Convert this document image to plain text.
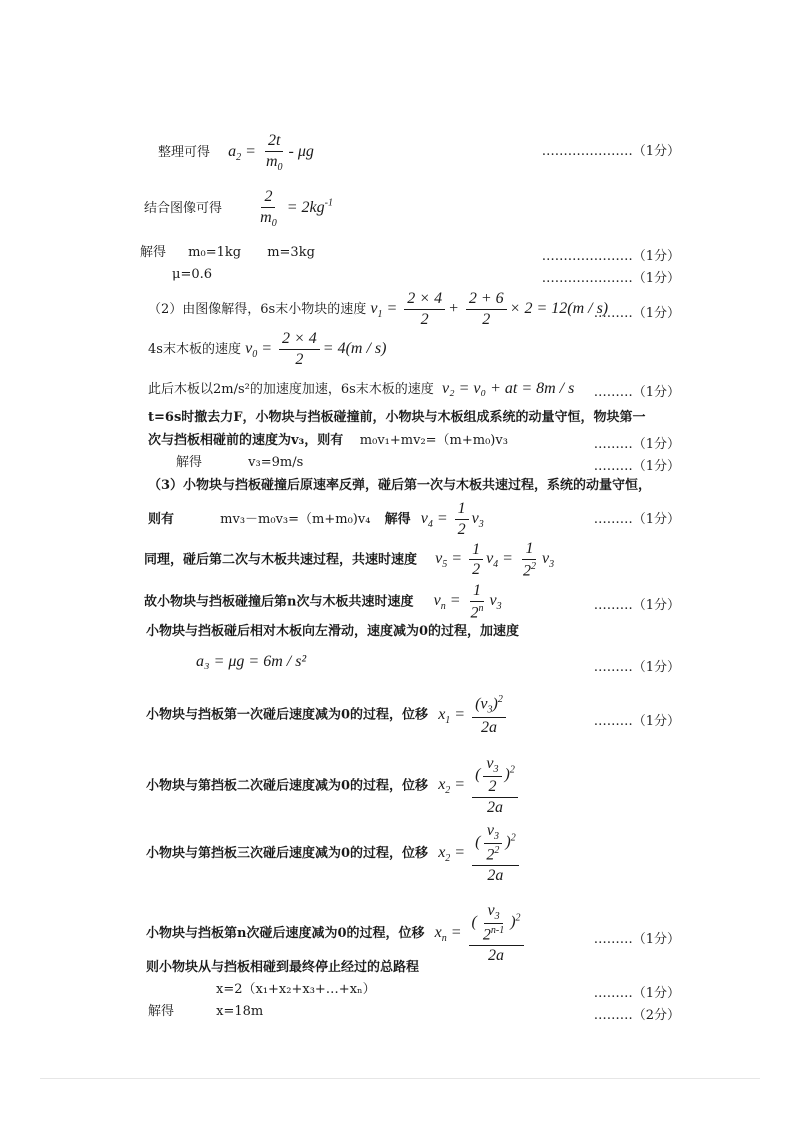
整理可得 $a_2 = \frac{2t}{m_0} - \mu g$	…………………（1分）
结合图像可得 $\frac{2}{m_0} = 2kg^{-1}$
解得 m₀=1kg m=3kg	…………………（1分）
μ=0.6	…………………（1分）
（2）由图像解得，6s末小物块的速度 $v_1 = \frac{2 \times 4}{2} + \frac{2 + 6}{2} \times 2 = 12(m / s)$
………（1分）
4s末木板的速度 $v_0 = \frac{2 \times 4}{2} = 4(m / s)$
此后木板以2m/s²的加速度加速，6s末木板的速度 v₂ = v₀ + at = 8m / s ………（1分）
t=6s时撤去力F，小物块与挡板碰撞前，小物块与木板组成系统的动量守恒，物块第一
次与挡板相碰前的速度为v₃，则有 m₀v₁+mv₂=（m+m₀)v₃	………（1分）
解得	v₃=9m/s	………（1分）
（3）小物块与挡板碰撞后原速率反弹，碰后第一次与木板共速过程，系统的动量守恒，
则有	mv₃－m₀v₃=（m+m₀)v₄ 解得 $v_4 = \frac{1}{2} v_3$	………（1分）
同理，碰后第二次与木板共速过程，共速时速度 $v_5 = \frac{1}{2} v_4 = \frac{1}{2^2} v_3$
故小物块与挡板碰撞后第n次与木板共速时速度 $v_n = \frac{1}{2^n} v_3$	………（1分）
小物块与挡板碰后相对木板向左滑动，速度减为0的过程，加速度
a₃ = μg = 6m / s²	………（1分）
小物块与挡板第一次碰后速度减为0的过程，位移 $x_1 = \frac{(v_3)^2}{2a}$	………（1分）
小物块与第挡板二次碰后速度减为0的过程，位移 $x_2 = \frac{( \frac{v_3}{2} )^2}{2a}$
小物块与第挡板三次碰后速度减为0的过程，位移 $x_2 = \frac{( \frac{v_3}{2^2} )^2}{2a}$
小物块与挡板第n次碰后速度减为0的过程，位移 $x_n = \frac{( \frac{v_3}{2^{n-1}} )^2}{2a}$	………（1分）
则小物块从与挡板相碰到最终停止经过的总路程
x=2（x₁+x₂+x₃+…+xₙ）	………（1分）
解得	x=18m	………（2分）
